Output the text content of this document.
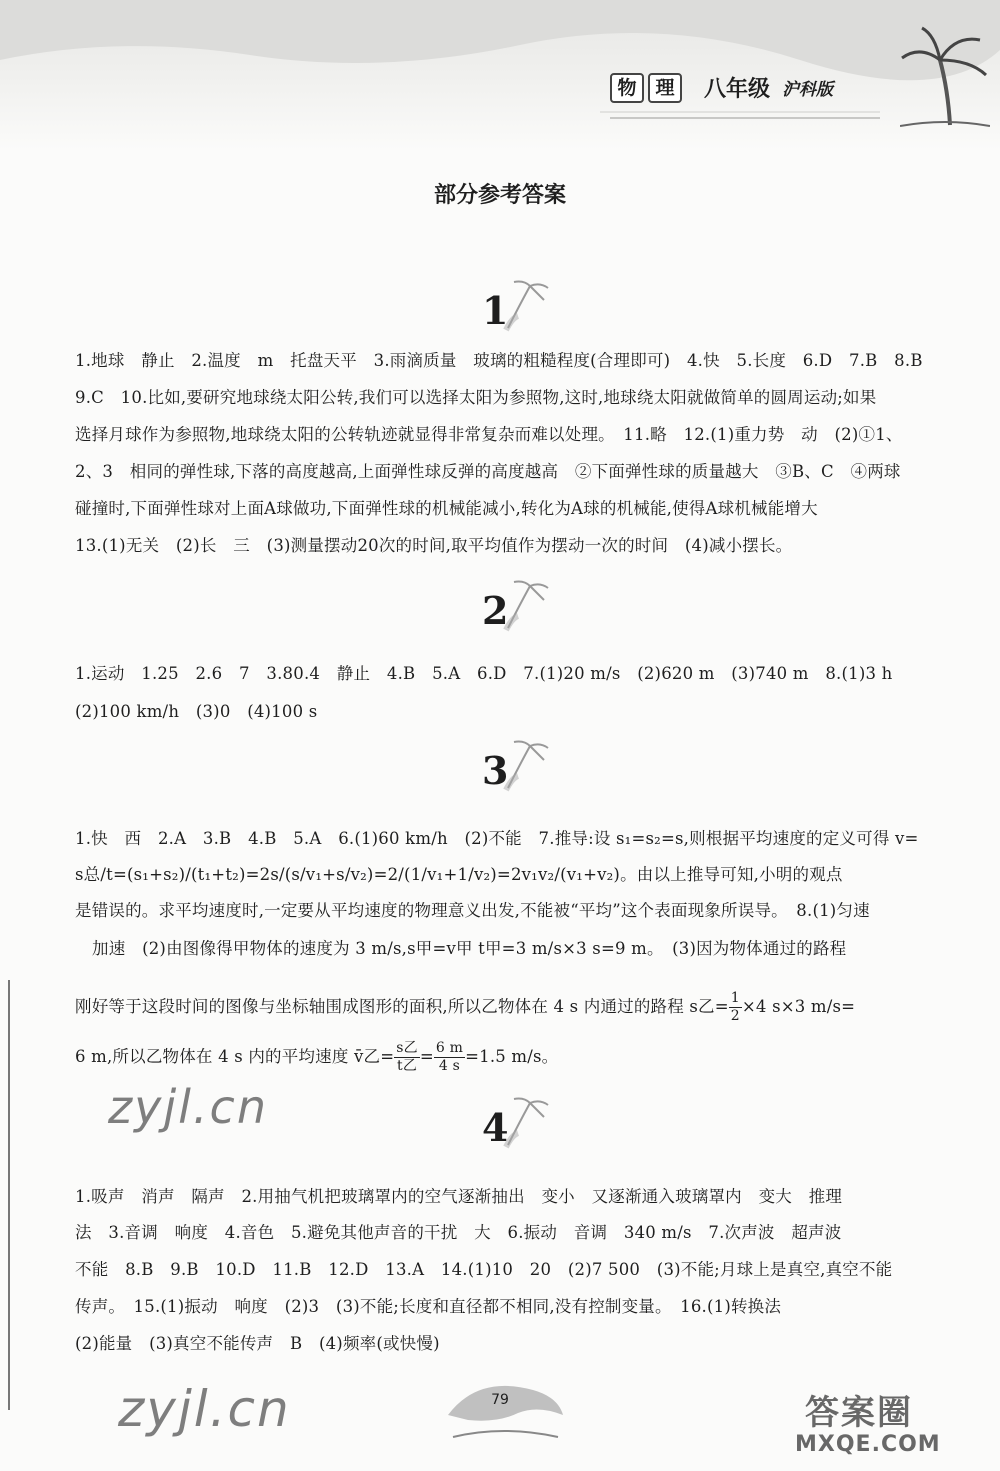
物 理	八年级 沪科版
部分参考答案
1
1.地球　静止　2.温度　m　托盘天平　3.雨滴质量　玻璃的粗糙程度(合理即可)　4.快　5.长度　6.D　7.B　8.B
9.C　10.比如,要研究地球绕太阳公转,我们可以选择太阳为参照物,这时,地球绕太阳就做简单的圆周运动;如果
选择月球作为参照物,地球绕太阳的公转轨迹就显得非常复杂而难以处理。　11.略　12.(1)重力势　动　(2)①1、
2、3　相同的弹性球,下落的高度越高,上面弹性球反弹的高度越高　②下面弹性球的质量越大　③B、C　④两球
碰撞时,下面弹性球对上面A球做功,下面弹性球的机械能减小,转化为A球的机械能,使得A球机械能增大
13.(1)无关　(2)长　三　(3)测量摆动20次的时间,取平均值作为摆动一次的时间　(4)减小摆长。
2
1.运动　1.25　2.6　7　3.80.4　静止　4.B　5.A　6.D　7.(1)20 m/s　(2)620 m　(3)740 m　8.(1)3 h
(2)100 km/h　(3)0　(4)100 s
3
1.快　西　2.A　3.B　4.B　5.A　6.(1)60 km/h　(2)不能　7.推导:设 s₁=s₂=s,则根据平均速度的定义可得 v=
s总/t=(s₁+s₂)/(t₁+t₂)=2s/(s/v₁+s/v₂)=2/(1/v₁+1/v₂)=2v₁v₂/(v₁+v₂)。由以上推导可知,小明的观点
是错误的。求平均速度时,一定要从平均速度的物理意义出发,不能被“平均”这个表面现象所误导。　8.(1)匀速
加速　(2)由图像得甲物体的速度为 3 m/s,s甲=v甲 t甲=3 m/s×3 s=9 m。　(3)因为物体通过的路程
刚好等于这段时间的图像与坐标轴围成图形的面积,所以乙物体在 4 s 内通过的路程 s乙= $\frac{1}{2} \times 4$ s×3 m/s=
6 m,所以乙物体在 4 s 内的平均速度 v̄乙= $\frac{\text{s乙}}{\text{t乙}} = \frac{6 m}{4 s} =1.5$ m/s。
zyjl.cn	4
1.吸声　消声　隔声　2.用抽气机把玻璃罩内的空气逐渐抽出　变小　又逐渐通入玻璃罩内　变大　推理
法　3.音调　响度　4.音色　5.避免其他声音的干扰　大　6.振动　音调　340 m/s　7.次声波　超声波
不能　8.B　9.B　10.D　11.B　12.D　13.A　14.(1)10　20　(2)7 500　(3)不能;月球上是真空,真空不能
传声。　15.(1)振动　响度　(2)3　(3)不能;长度和直径都不相同,没有控制变量。　16.(1)转换法
(2)能量　(3)真空不能传声　B　(4)频率(或快慢)
zyjl.cn	79	答案圈
MXQE.COM
